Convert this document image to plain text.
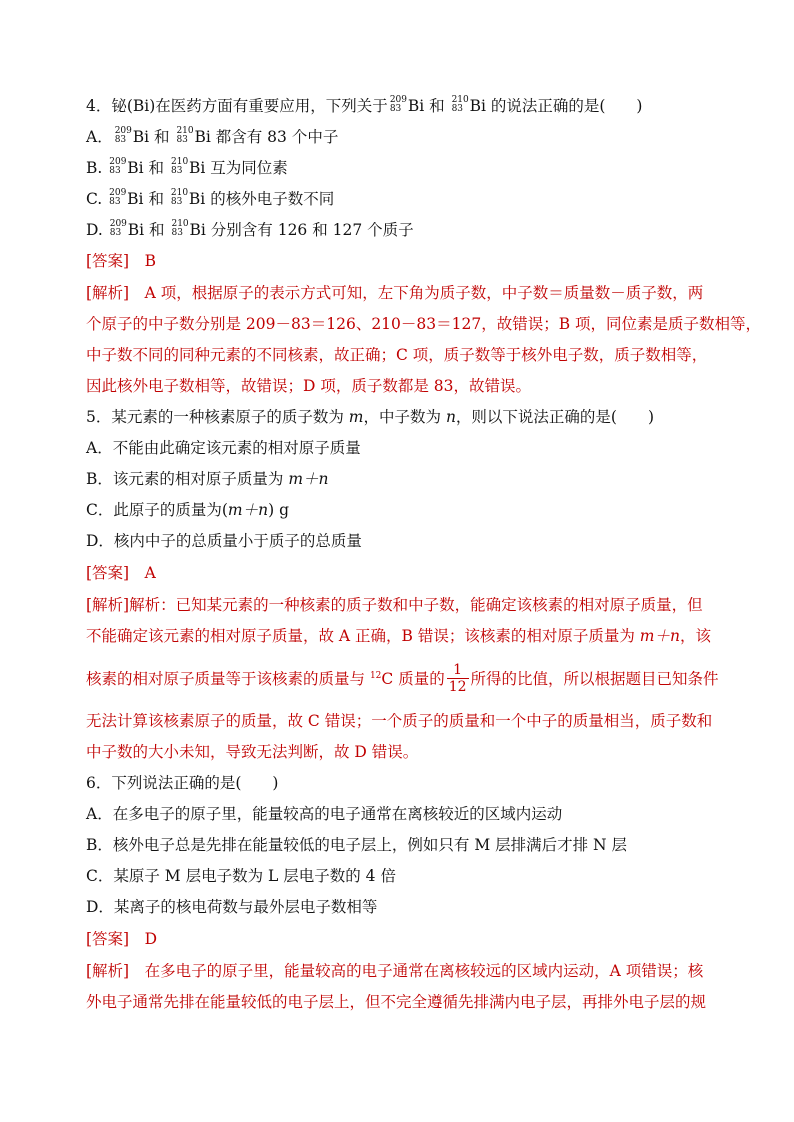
4．铋(Bi)在医药方面有重要应用，下列关于 209
83 Bi 和 210
83 Bi 的说法正确的是(　　)
A． 209
83 Bi 和 210
83 Bi 都含有 83 个中子
B. 209
83 Bi 和 210
83 Bi 互为同位素
C. 209
83 Bi 和 210
83 Bi 的核外电子数不同
D. 209
83 Bi 和 210
83 Bi 分别含有 126 和 127 个质子
[答案]　 B
[解析]　A 项，根据原子的表示方式可知，左下角为质子数，中子数＝质量数－质子数，两
个原子的中子数分别是 209－83＝126、210－83＝127，故错误；B 项，同位素是质子数相等，
中子数不同的同种元素的不同核素，故正确；C 项，质子数等于核外电子数，质子数相等，
因此核外电子数相等，故错误；D 项，质子数都是 83，故错误。
5．某元素的一种核素原子的质子数为 m，中子数为 n，则以下说法正确的是(　　)
A．不能由此确定该元素的相对原子质量
B．该元素的相对原子质量为 m＋n
C．此原子的质量为(m＋n) g
D．核内中子的总质量小于质子的总质量
[答案]　 A
[解析]解析：已知某元素的一种核素的质子数和中子数，能确定该核素的相对原子质量，但
不能确定该元素的相对原子质量，故 A 正确，B 错误；该核素的相对原子质量为 m＋n，该
核素的相对原子质量等于该核素的质量与 $^{12}$C 质量的 $\frac{1}{12}$ 所得的比值，所以根据题目已知条件
无法计算该核素原子的质量，故 C 错误；一个质子的质量和一个中子的质量相当，质子数和
中子数的大小未知，导致无法判断，故 D 错误。
6．下列说法正确的是(　　)
A．在多电子的原子里，能量较高的电子通常在离核较近的区域内运动
B．核外电子总是先排在能量较低的电子层上，例如只有 M 层排满后才排 N 层
C．某原子 M 层电子数为 L 层电子数的 4 倍
D．某离子的核电荷数与最外层电子数相等
[答案]　 D
[解析]　在多电子的原子里，能量较高的电子通常在离核较远的区域内运动，A 项错误；核
外电子通常先排在能量较低的电子层上，但不完全遵循先排满内电子层，再排外电子层的规
